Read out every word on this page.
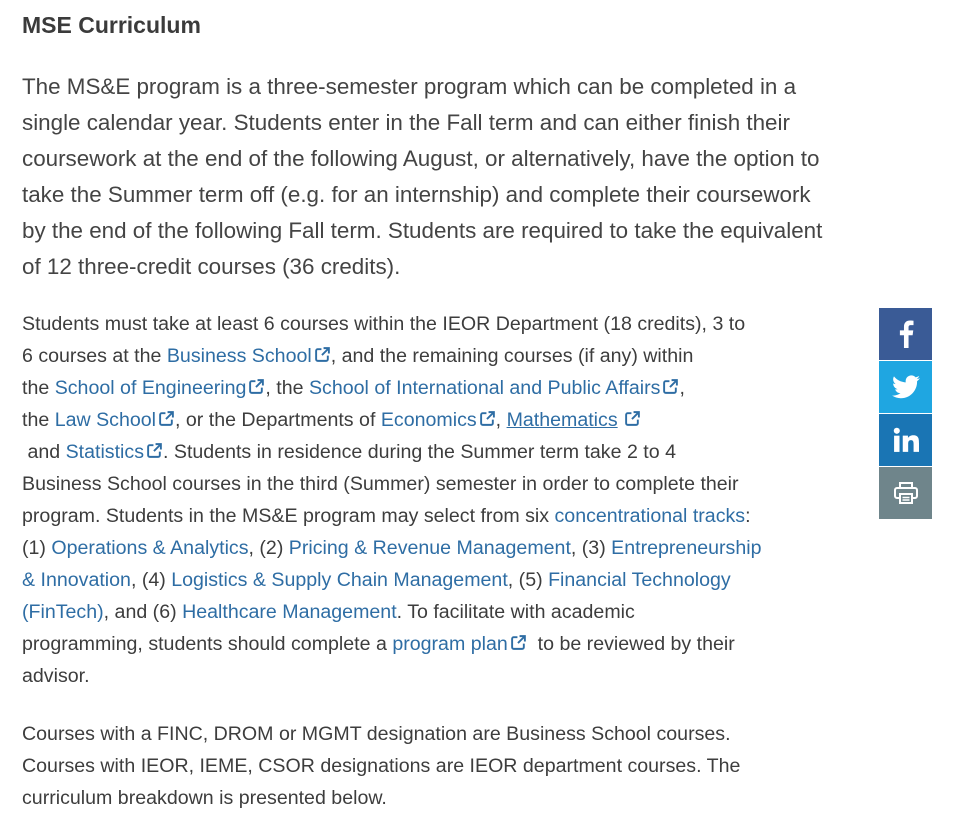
MSE Curriculum

The MS&E program is a three-semester program which can be completed in a
single calendar year. Students enter in the Fall term and can either finish their
coursework at the end of the following August, or alternatively, have the option to
take the Summer term off (e.g. for an internship) and complete their coursework
by the end of the following Fall term. Students are required to take the equivalent
of 12 three-credit courses (36 credits).

Students must take at least 6 courses within the IEOR Department (18 credits), 3 to
6 courses at the Business School , and the remaining courses (if any) within
the School of Engineering , the School of International and Public Affairs ,
the Law School , or the Departments of Economics , Mathematics
and Statistics . Students in residence during the Summer term take 2 to 4
Business School courses in the third (Summer) semester in order to complete their
program. Students in the MS&E program may select from six concentrational tracks:
(1) Operations & Analytics, (2) Pricing & Revenue Management, (3) Entrepreneurship
& Innovation, (4) Logistics & Supply Chain Management, (5) Financial Technology
(FinTech), and (6) Healthcare Management. To facilitate with academic
programming, students should complete a program plan
to be reviewed by their
advisor.

Courses with a FINC, DROM or MGMT designation are Business School courses.
Courses with IEOR, IEME, CSOR designations are IEOR department courses. The
curriculum breakdown is presented below.
